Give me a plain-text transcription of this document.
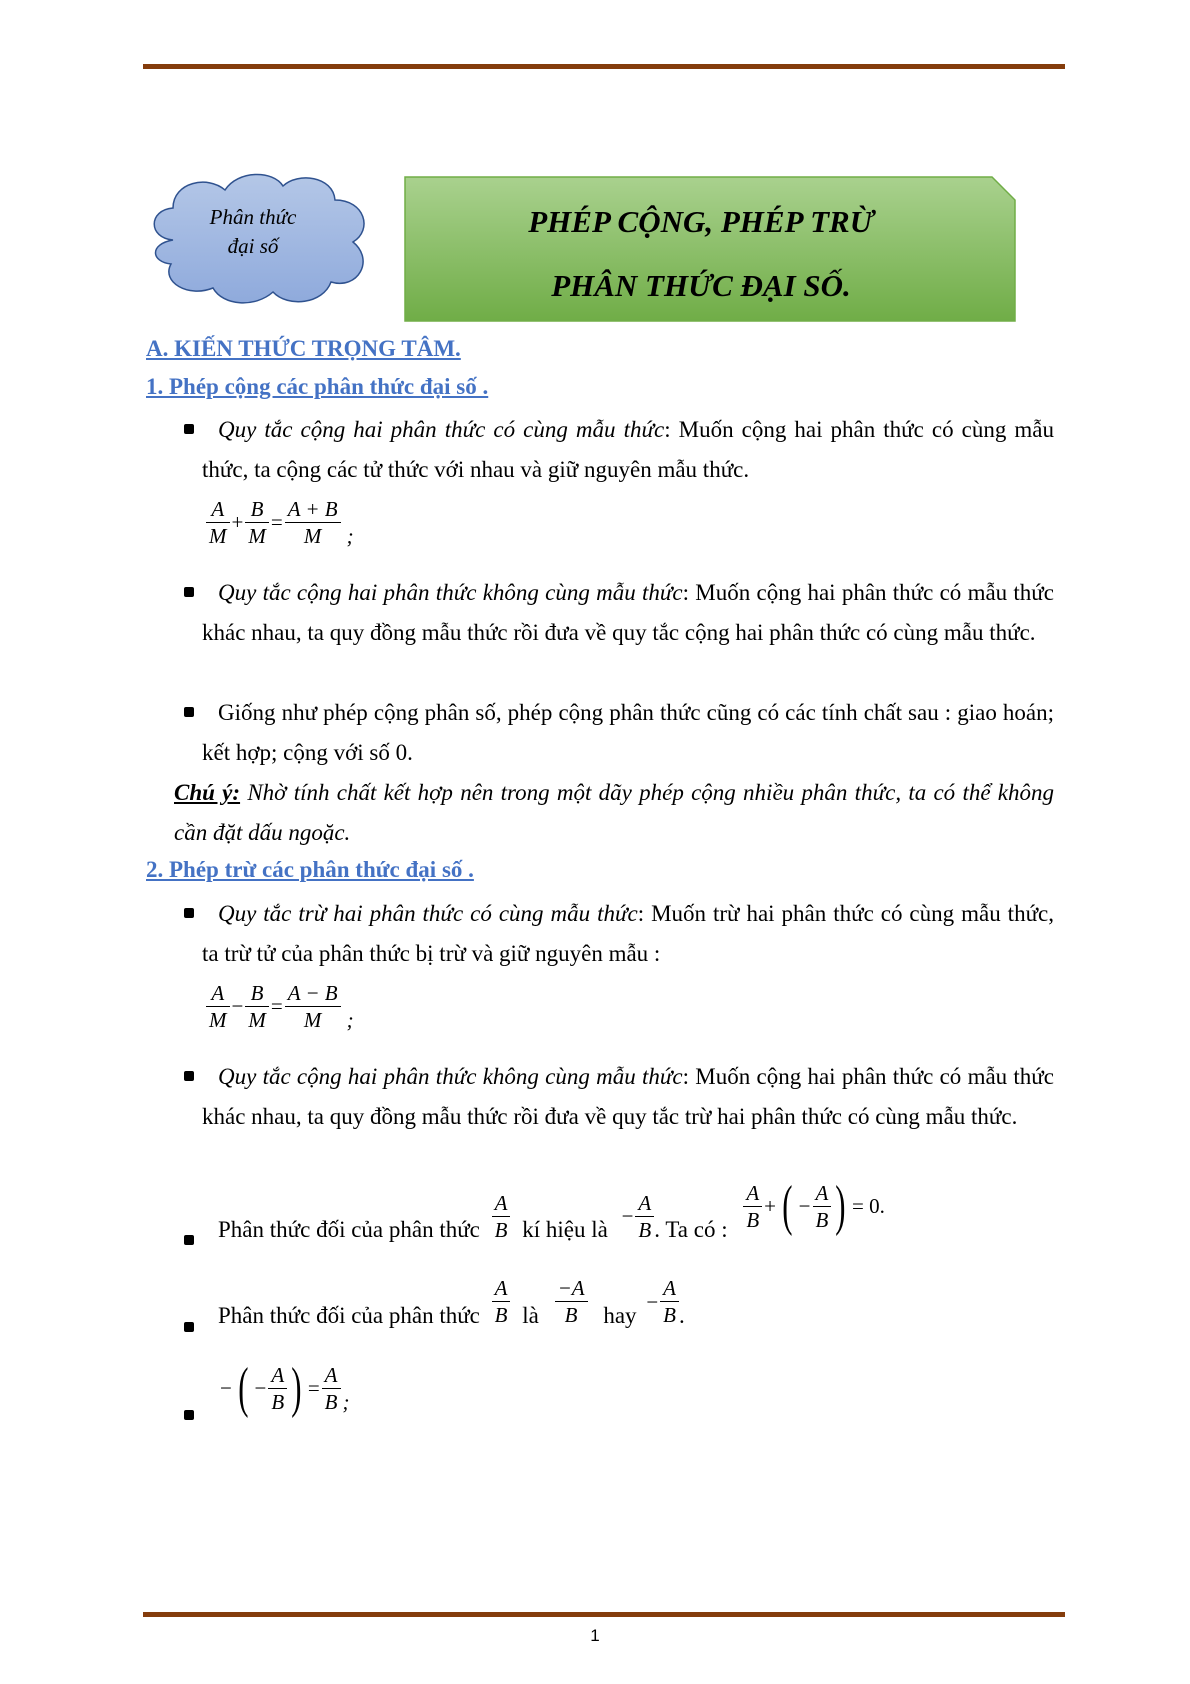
Phân thức
đại số
PHÉP CỘNG, PHÉP TRỪ
PHÂN THỨC ĐẠI SỐ.
A. KIẾN THỨC TRỌNG TÂM.
1. Phép cộng các phân thức đại số .
Quy tắc cộng hai phân thức có cùng mẫu thức: Muốn cộng hai phân thức có cùng mẫu thức, ta cộng các tử thức với nhau và giữ nguyên mẫu thức.
$\frac{A}{M} + \frac{B}{M} = \frac{A + B}{M}$ ;
Quy tắc cộng hai phân thức không cùng mẫu thức: Muốn cộng hai phân thức có mẫu thức khác nhau, ta quy đồng mẫu thức rồi đưa về quy tắc cộng hai phân thức có cùng mẫu thức.
Giống như phép cộng phân số, phép cộng phân thức cũng có các tính chất sau : giao hoán; kết hợp; cộng với số 0.
Chú ý: Nhờ tính chất kết hợp nên trong một dãy phép cộng nhiều phân thức, ta có thể không cần đặt dấu ngoặc.
2. Phép trừ các phân thức đại số .
Quy tắc trừ hai phân thức có cùng mẫu thức: Muốn trừ hai phân thức có cùng mẫu thức, ta trừ tử của phân thức bị trừ và giữ nguyên mẫu :
$\frac{A}{M} - \frac{B}{M} = \frac{A - B}{M}$ ;
Quy tắc cộng hai phân thức không cùng mẫu thức: Muốn cộng hai phân thức có mẫu thức khác nhau, ta quy đồng mẫu thức rồi đưa về quy tắc trừ hai phân thức có cùng mẫu thức.
Phân thức đối của phân thức $\frac{A}{B}$ kí hiệu là − $\frac{A}{B}$ . Ta có : $\frac{A}{B}$ + ( − $\frac{A}{B}$ ) = 0.
Phân thức đối của phân thức $\frac{A}{B}$ là $\frac{-A}{B}$ hay − $\frac{A}{B}$ .
− ( − $\frac{A}{B}$ ) = $\frac{A}{B}$ ;
1
